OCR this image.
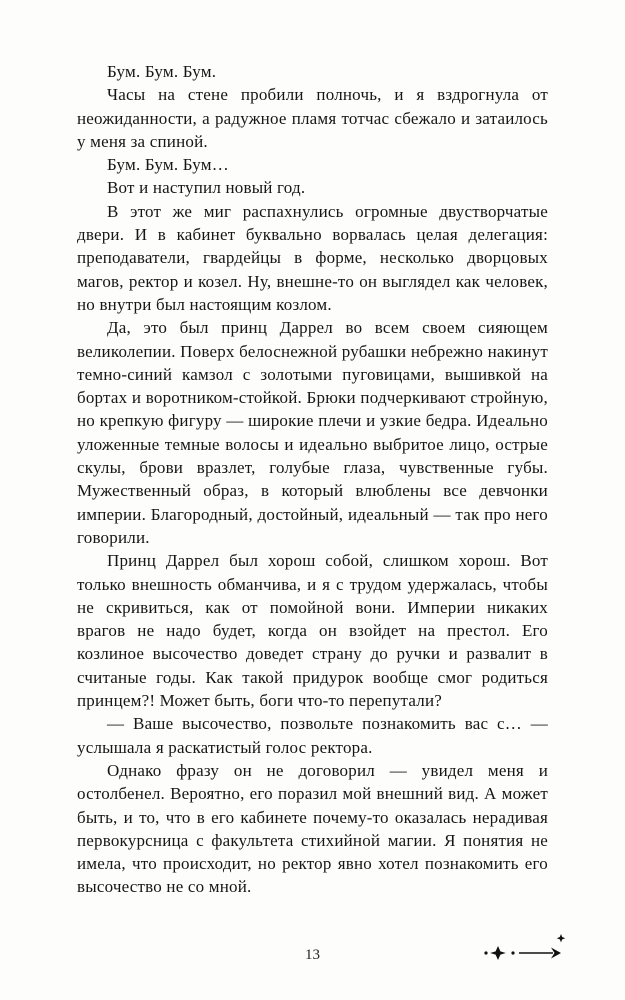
Бум. Бум. Бум.

Часы на стене пробили полночь, и я вздрогнула от неожиданности, а радужное пламя тотчас сбежало и затаилось у меня за спиной.

Бум. Бум. Бум…

Вот и наступил новый год.

В этот же миг распахнулись огромные двустворчатые двери. И в кабинет буквально ворвалась целая делегация: преподаватели, гвардейцы в форме, несколько дворцовых магов, ректор и козел. Ну, внешне-то он выглядел как человек, но внутри был настоящим козлом.

Да, это был принц Даррел во всем своем сияющем великолепии. Поверх белоснежной рубашки небрежно накинут темно-синий камзол с золотыми пуговицами, вышивкой на бортах и воротником-стойкой. Брюки подчеркивают стройную, но крепкую фигуру — широкие плечи и узкие бедра. Идеально уложенные темные волосы и идеально выбритое лицо, острые скулы, брови вразлет, голубые глаза, чувственные губы. Мужественный образ, в который влюблены все девчонки империи. Благородный, достойный, идеальный — так про него говорили.

Принц Даррел был хорош собой, слишком хорош. Вот только внешность обманчива, и я с трудом удержалась, чтобы не скривиться, как от помойной вони. Империи никаких врагов не надо будет, когда он взойдет на престол. Его козлиное высочество доведет страну до ручки и развалит в считаные годы. Как такой придурок вообще смог родиться принцем?! Может быть, боги что-то перепутали?

— Ваше высочество, позвольте познакомить вас с… — услышала я раскатистый голос ректора.

Однако фразу он не договорил — увидел меня и остолбенел. Вероятно, его поразил мой внешний вид. А может быть, и то, что в его кабинете почему-то оказалась нерадивая первокурсница с факультета стихийной магии. Я понятия не имела, что происходит, но ректор явно хотел познакомить его высочество не со мной.

13
